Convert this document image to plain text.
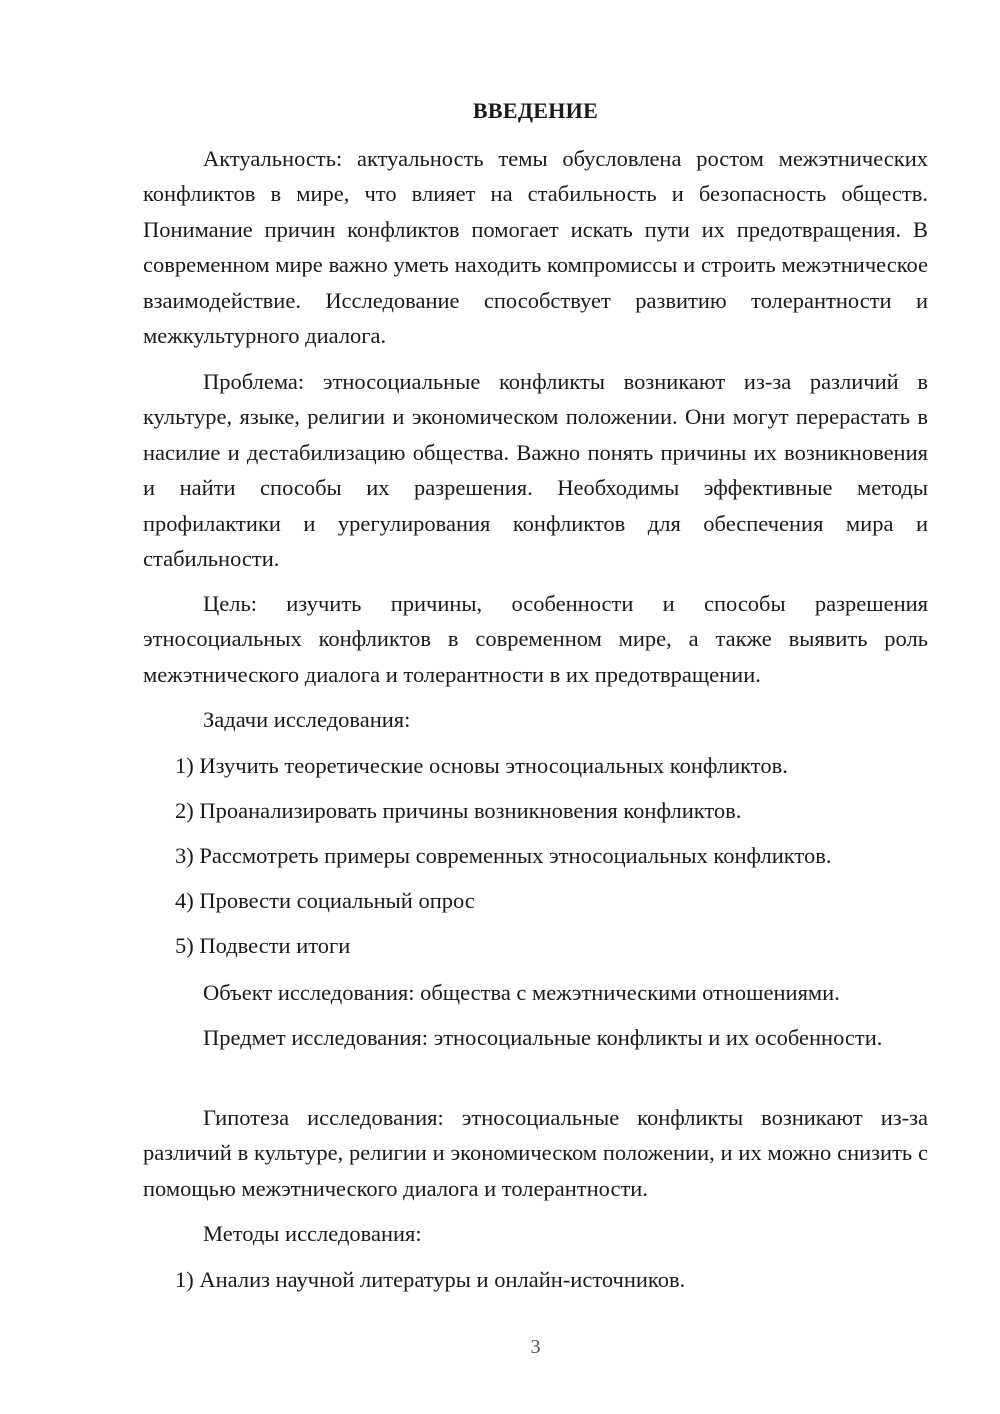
ВВЕДЕНИЕ

Актуальность: актуальность темы обусловлена ростом межэтнических конфликтов в мире, что влияет на стабильность и безопасность обществ. Понимание причин конфликтов помогает искать пути их предотвращения. В современном мире важно уметь находить компромиссы и строить межэтническое взаимодействие. Исследование способствует развитию толерантности и межкультурного диалога.

Проблема: этносоциальные конфликты возникают из-за различий в культуре, языке, религии и экономическом положении. Они могут перерастать в насилие и дестабилизацию общества. Важно понять причины их возникновения и найти способы их разрешения. Необходимы эффективные методы профилактики и урегулирования конфликтов для обеспечения мира и стабильности.

Цель: изучить причины, особенности и способы разрешения этносоциальных конфликтов в современном мире, а также выявить роль межэтнического диалога и толерантности в их предотвращении.

Задачи исследования:

1) Изучить теоретические основы этносоциальных конфликтов.

2) Проанализировать причины возникновения конфликтов.

3) Рассмотреть примеры современных этносоциальных конфликтов.

4) Провести социальный опрос

5) Подвести итоги

Объект исследования: общества с межэтническими отношениями.

Предмет исследования: этносоциальные конфликты и их особенности.

Гипотеза исследования: этносоциальные конфликты возникают из-за различий в культуре, религии и экономическом положении, и их можно снизить с помощью межэтнического диалога и толерантности.

Методы исследования:

1) Анализ научной литературы и онлайн-источников.

3
